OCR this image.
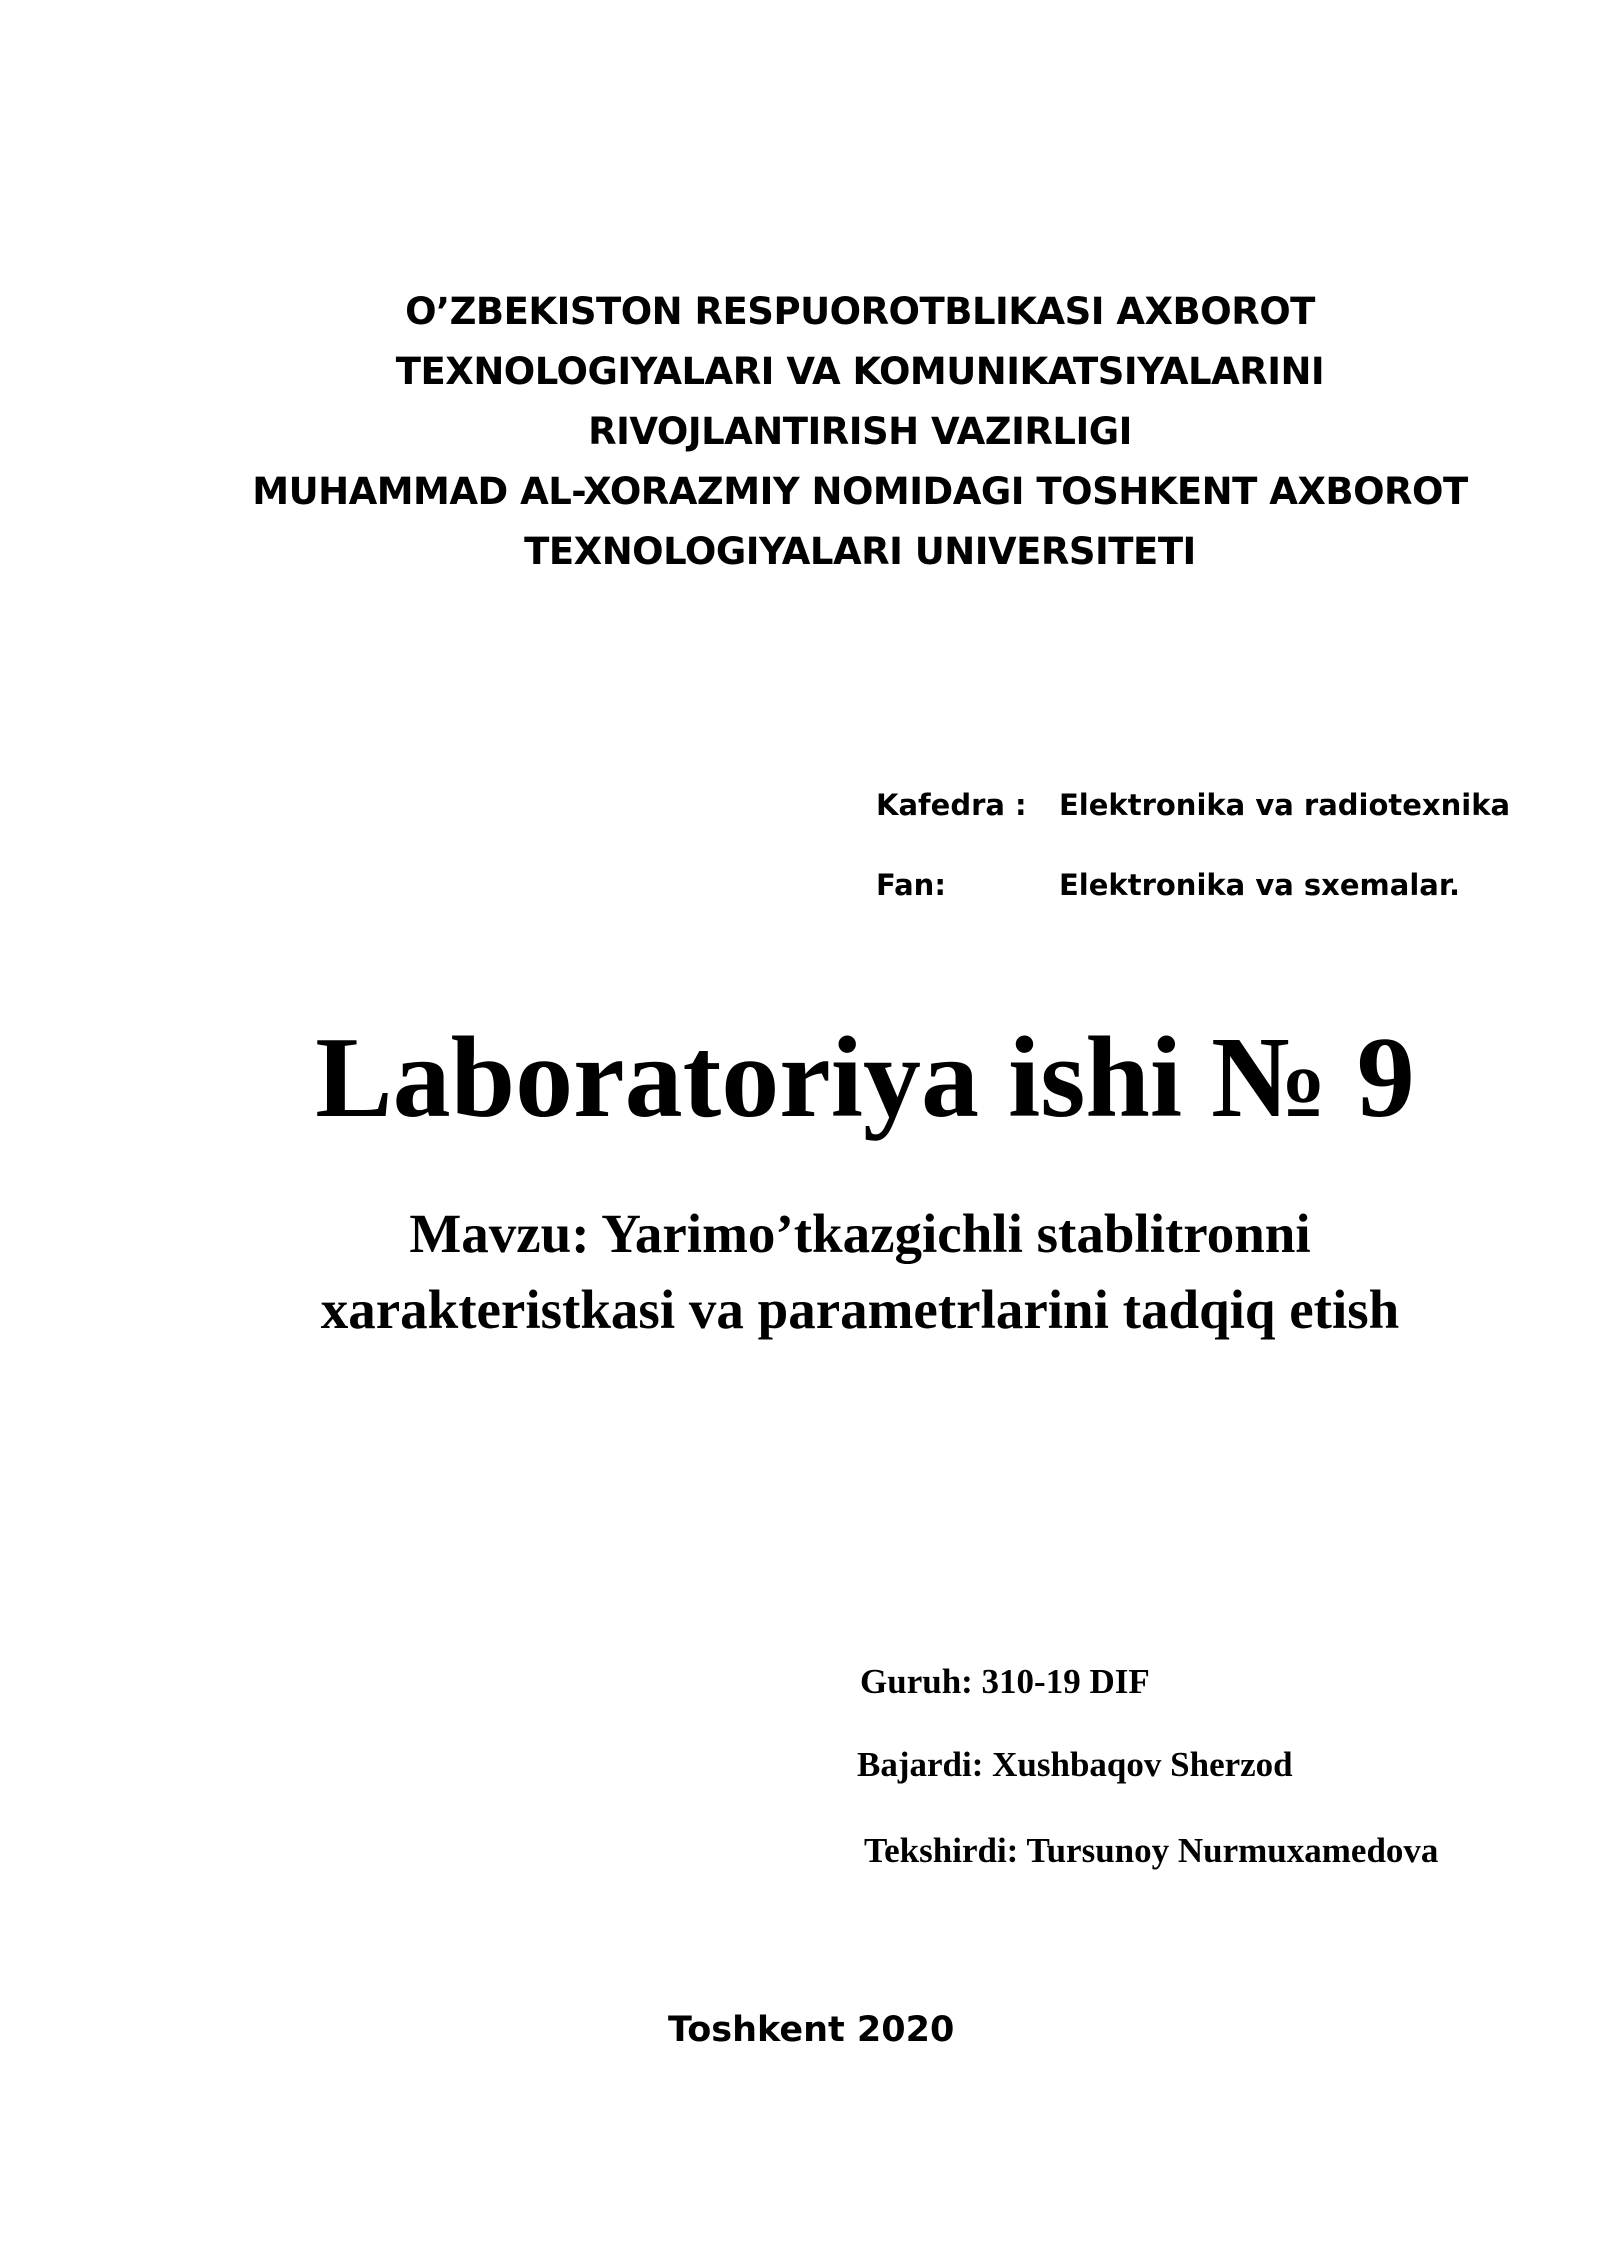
O’ZBEKISTON RESPUOROTBLIKASI AXBOROT
TEXNOLOGIYALARI VA KOMUNIKATSIYALARINI
RIVOJLANTIRISH VAZIRLIGI
MUHAMMAD AL-XORAZMIY NOMIDAGI TOSHKENT AXBOROT
TEXNOLOGIYALARI UNIVERSITETI
Kafedra : Elektronika va radiotexnika
Fan:	Elektronika va sxemalar.
Laboratoriya ishi № 9
Mavzu: Yarimo’tkazgichli stablitronni
xarakteristkasi va parametrlarini tadqiq etish
Guruh: 310-19 DIF
Bajardi: Xushbaqov Sherzod
Tekshirdi: Tursunoy Nurmuxamedova
Toshkent 2020
